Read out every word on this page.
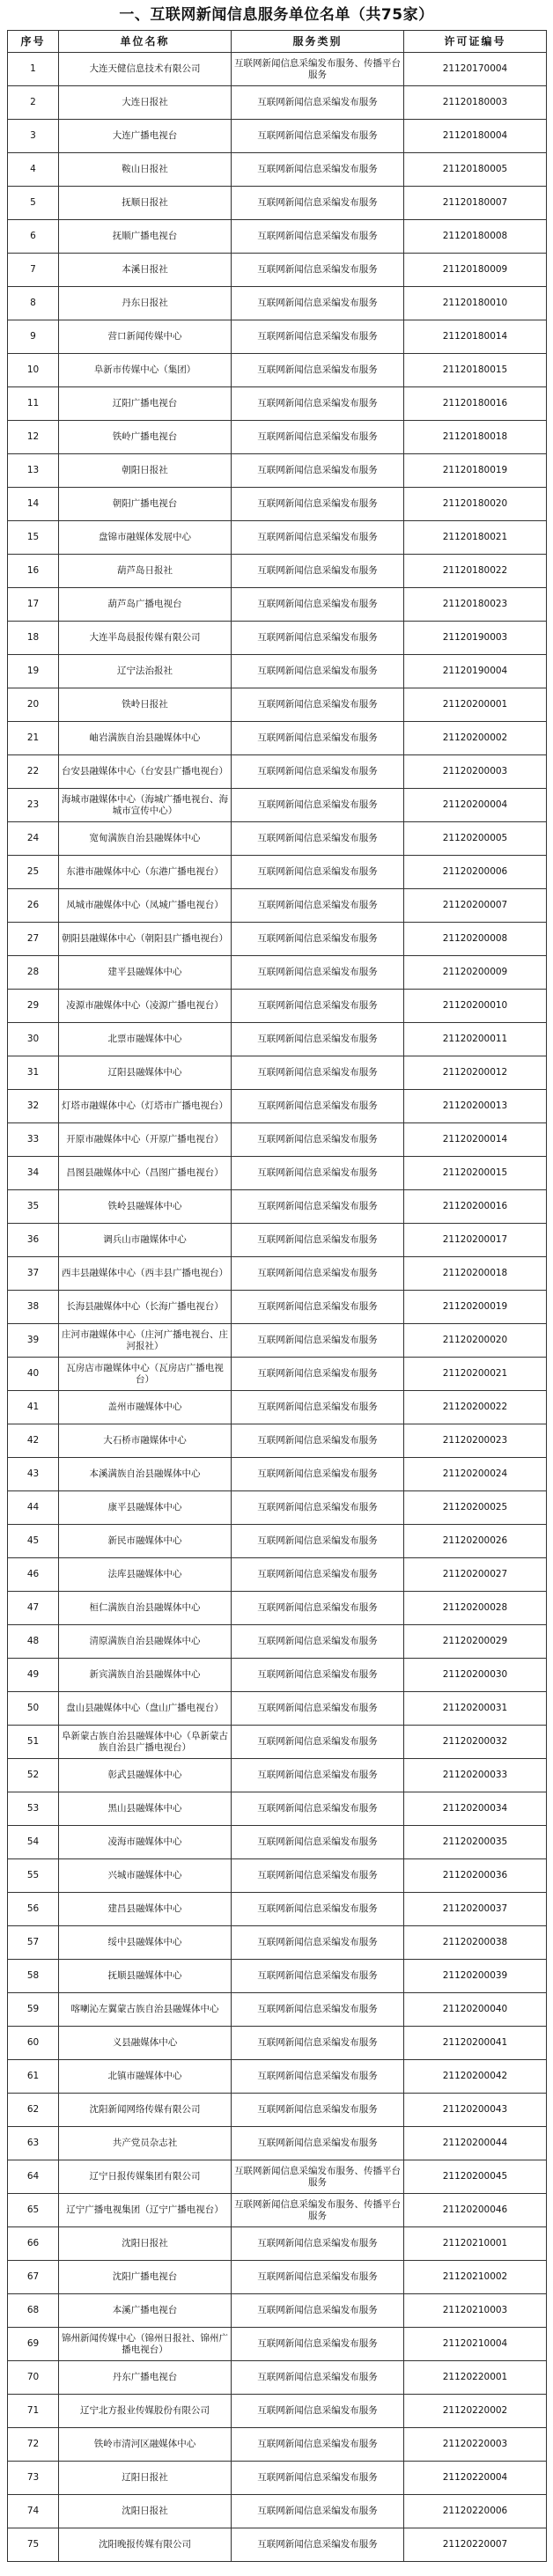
一、互联网新闻信息服务单位名单（共75家）
序号	单位名称	服务类别	许可证编号
1	大连天健信息技术有限公司	互联网新闻信息采编发布服务、传播平台服务	21120170004
2	大连日报社	互联网新闻信息采编发布服务	21120180003
3	大连广播电视台	互联网新闻信息采编发布服务	21120180004
4	鞍山日报社	互联网新闻信息采编发布服务	21120180005
5	抚顺日报社	互联网新闻信息采编发布服务	21120180007
6	抚顺广播电视台	互联网新闻信息采编发布服务	21120180008
7	本溪日报社	互联网新闻信息采编发布服务	21120180009
8	丹东日报社	互联网新闻信息采编发布服务	21120180010
9	营口新闻传媒中心	互联网新闻信息采编发布服务	21120180014
10	阜新市传媒中心（集团）	互联网新闻信息采编发布服务	21120180015
11	辽阳广播电视台	互联网新闻信息采编发布服务	21120180016
12	铁岭广播电视台	互联网新闻信息采编发布服务	21120180018
13	朝阳日报社	互联网新闻信息采编发布服务	21120180019
14	朝阳广播电视台	互联网新闻信息采编发布服务	21120180020
15	盘锦市融媒体发展中心	互联网新闻信息采编发布服务	21120180021
16	葫芦岛日报社	互联网新闻信息采编发布服务	21120180022
17	葫芦岛广播电视台	互联网新闻信息采编发布服务	21120180023
18	大连半岛晨报传媒有限公司	互联网新闻信息采编发布服务	21120190003
19	辽宁法治报社	互联网新闻信息采编发布服务	21120190004
20	铁岭日报社	互联网新闻信息采编发布服务	21120200001
21	岫岩满族自治县融媒体中心	互联网新闻信息采编发布服务	21120200002
22	台安县融媒体中心（台安县广播电视台）	互联网新闻信息采编发布服务	21120200003
23	海城市融媒体中心（海城广播电视台、海城市宣传中心）	互联网新闻信息采编发布服务	21120200004
24	宽甸满族自治县融媒体中心	互联网新闻信息采编发布服务	21120200005
25	东港市融媒体中心（东港广播电视台）	互联网新闻信息采编发布服务	21120200006
26	凤城市融媒体中心（凤城广播电视台）	互联网新闻信息采编发布服务	21120200007
27	朝阳县融媒体中心（朝阳县广播电视台）	互联网新闻信息采编发布服务	21120200008
28	建平县融媒体中心	互联网新闻信息采编发布服务	21120200009
29	凌源市融媒体中心（凌源广播电视台）	互联网新闻信息采编发布服务	21120200010
30	北票市融媒体中心	互联网新闻信息采编发布服务	21120200011
31	辽阳县融媒体中心	互联网新闻信息采编发布服务	21120200012
32	灯塔市融媒体中心（灯塔市广播电视台）	互联网新闻信息采编发布服务	21120200013
33	开原市融媒体中心（开原广播电视台）	互联网新闻信息采编发布服务	21120200014
34	昌图县融媒体中心（昌图广播电视台）	互联网新闻信息采编发布服务	21120200015
35	铁岭县融媒体中心	互联网新闻信息采编发布服务	21120200016
36	调兵山市融媒体中心	互联网新闻信息采编发布服务	21120200017
37	西丰县融媒体中心（西丰县广播电视台）	互联网新闻信息采编发布服务	21120200018
38	长海县融媒体中心（长海广播电视台）	互联网新闻信息采编发布服务	21120200019
39	庄河市融媒体中心（庄河广播电视台、庄河报社）	互联网新闻信息采编发布服务	21120200020
40	瓦房店市融媒体中心（瓦房店广播电视台）	互联网新闻信息采编发布服务	21120200021
41	盖州市融媒体中心	互联网新闻信息采编发布服务	21120200022
42	大石桥市融媒体中心	互联网新闻信息采编发布服务	21120200023
43	本溪满族自治县融媒体中心	互联网新闻信息采编发布服务	21120200024
44	康平县融媒体中心	互联网新闻信息采编发布服务	21120200025
45	新民市融媒体中心	互联网新闻信息采编发布服务	21120200026
46	法库县融媒体中心	互联网新闻信息采编发布服务	21120200027
47	桓仁满族自治县融媒体中心	互联网新闻信息采编发布服务	21120200028
48	清原满族自治县融媒体中心	互联网新闻信息采编发布服务	21120200029
49	新宾满族自治县融媒体中心	互联网新闻信息采编发布服务	21120200030
50	盘山县融媒体中心（盘山广播电视台）	互联网新闻信息采编发布服务	21120200031
51	阜新蒙古族自治县融媒体中心（阜新蒙古族自治县广播电视台）	互联网新闻信息采编发布服务	21120200032
52	彰武县融媒体中心	互联网新闻信息采编发布服务	21120200033
53	黑山县融媒体中心	互联网新闻信息采编发布服务	21120200034
54	凌海市融媒体中心	互联网新闻信息采编发布服务	21120200035
55	兴城市融媒体中心	互联网新闻信息采编发布服务	21120200036
56	建昌县融媒体中心	互联网新闻信息采编发布服务	21120200037
57	绥中县融媒体中心	互联网新闻信息采编发布服务	21120200038
58	抚顺县融媒体中心	互联网新闻信息采编发布服务	21120200039
59	喀喇沁左翼蒙古族自治县融媒体中心	互联网新闻信息采编发布服务	21120200040
60	义县融媒体中心	互联网新闻信息采编发布服务	21120200041
61	北镇市融媒体中心	互联网新闻信息采编发布服务	21120200042
62	沈阳新闻网络传媒有限公司	互联网新闻信息采编发布服务	21120200043
63	共产党员杂志社	互联网新闻信息采编发布服务	21120200044
64	辽宁日报传媒集团有限公司	互联网新闻信息采编发布服务、传播平台服务	21120200045
65	辽宁广播电视集团（辽宁广播电视台）	互联网新闻信息采编发布服务、传播平台服务	21120200046
66	沈阳日报社	互联网新闻信息采编发布服务	21120210001
67	沈阳广播电视台	互联网新闻信息采编发布服务	21120210002
68	本溪广播电视台	互联网新闻信息采编发布服务	21120210003
69	锦州新闻传媒中心（锦州日报社、锦州广播电视台）	互联网新闻信息采编发布服务	21120210004
70	丹东广播电视台	互联网新闻信息采编发布服务	21120220001
71	辽宁北方报业传媒股份有限公司	互联网新闻信息采编发布服务	21120220002
72	铁岭市清河区融媒体中心	互联网新闻信息采编发布服务	21120220003
73	辽阳日报社	互联网新闻信息采编发布服务	21120220004
74	沈阳日报社	互联网新闻信息采编发布服务	21120220006
75	沈阳晚报传媒有限公司	互联网新闻信息采编发布服务	21120220007
